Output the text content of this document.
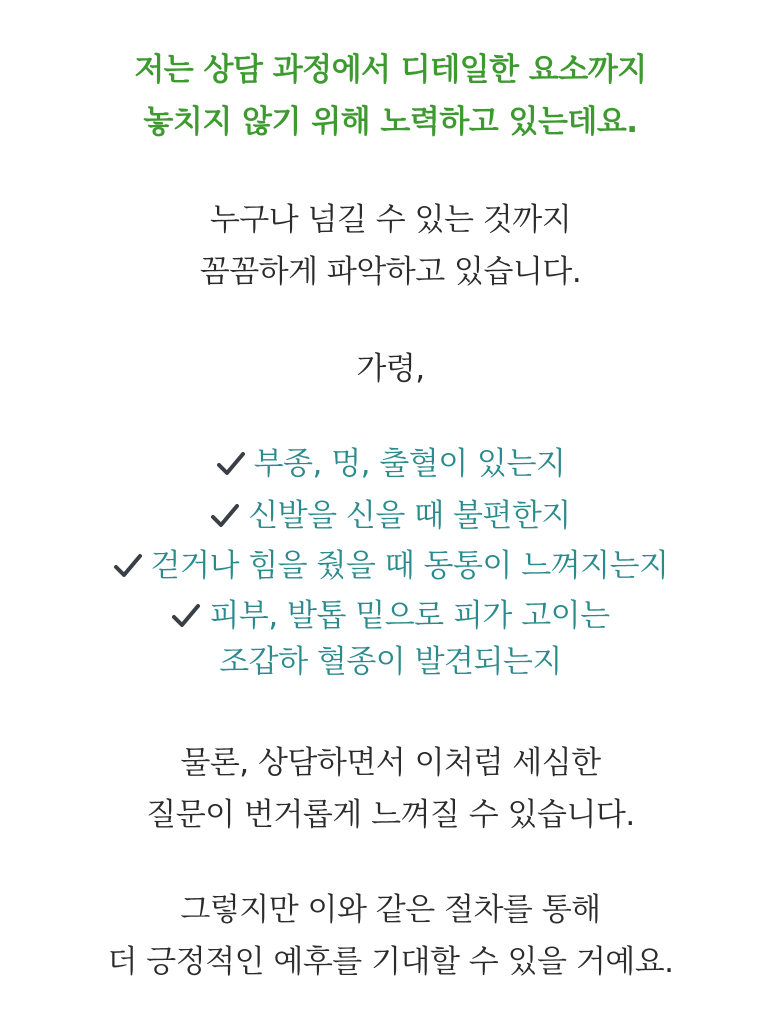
저는 상담 과정에서 디테일한 요소까지
놓치지 않기 위해 노력하고 있는데요.
누구나 넘길 수 있는 것까지
꼼꼼하게 파악하고 있습니다.
가령,
부종, 멍, 출혈이 있는지
신발을 신을 때 불편한지
걷거나 힘을 줬을 때 동통이 느껴지는지
피부, 발톱 밑으로 피가 고이는
조갑하 혈종이 발견되는지
물론, 상담하면서 이처럼 세심한
질문이 번거롭게 느껴질 수 있습니다.
그렇지만 이와 같은 절차를 통해
더 긍정적인 예후를 기대할 수 있을 거예요.
